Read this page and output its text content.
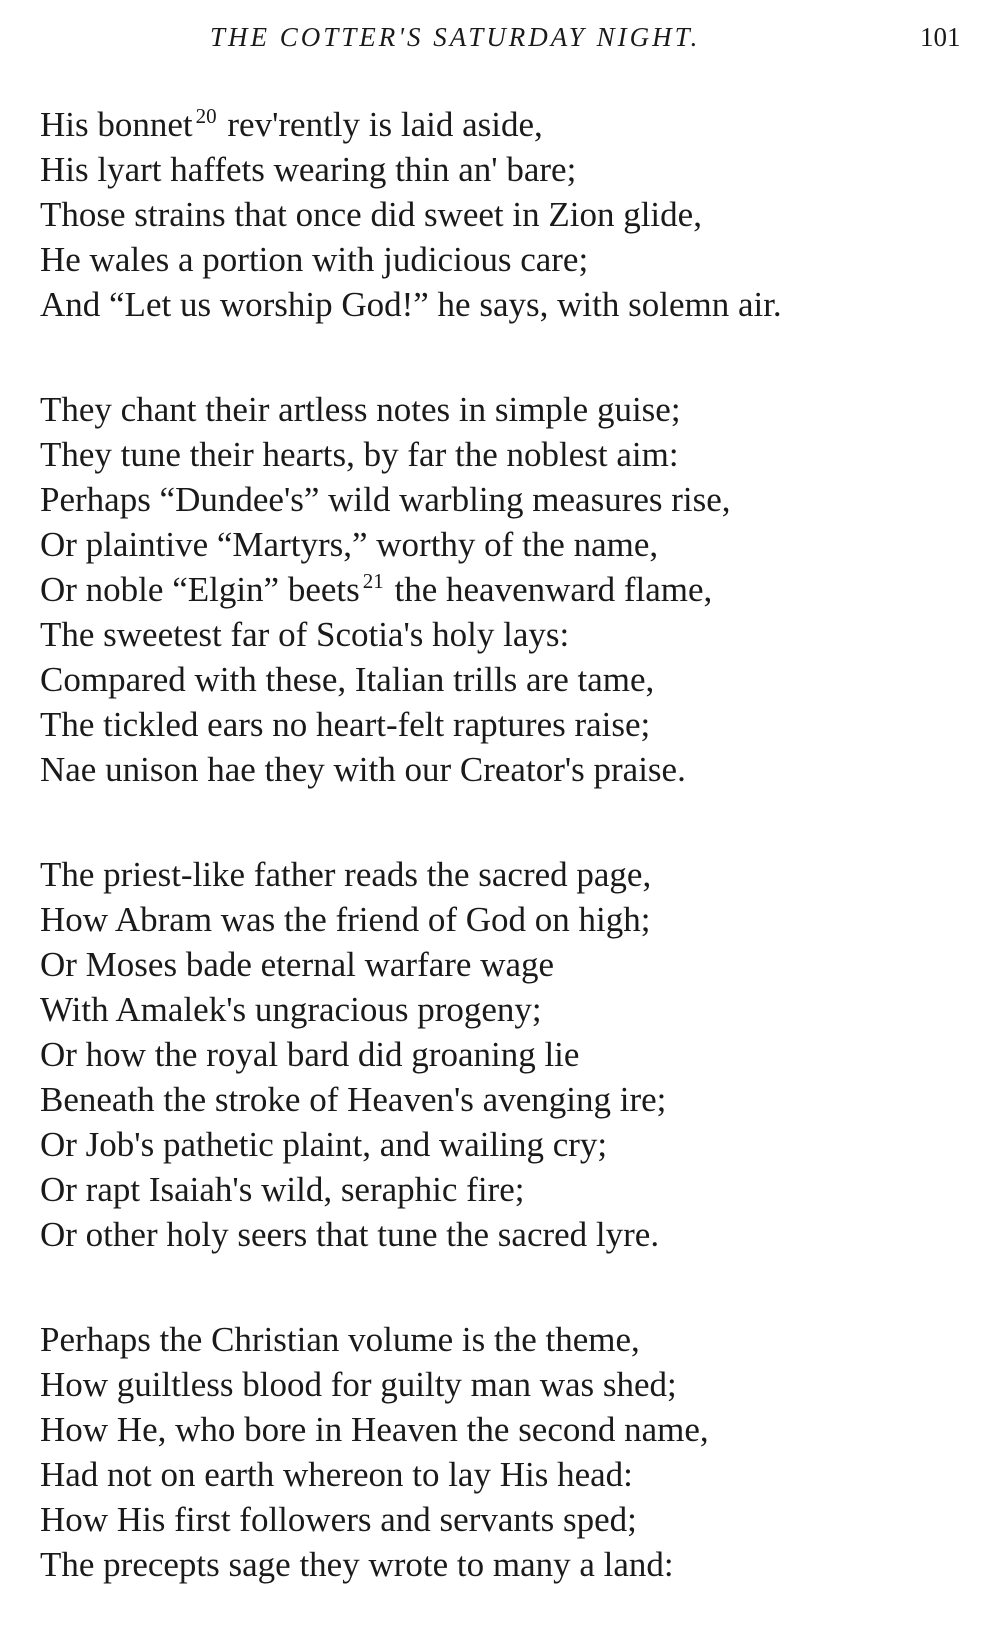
THE COTTER'S SATURDAY NIGHT.	101
His bonnet $^{20}$ rev'rently is laid aside,
His lyart haffets wearing thin an' bare;
Those strains that once did sweet in Zion glide,
He wales a portion with judicious care;
And “Let us worship God!” he says, with solemn air.
They chant their artless notes in simple guise;
They tune their hearts, by far the noblest aim:
Perhaps “Dundee's” wild warbling measures rise,
Or plaintive “Martyrs,” worthy of the name,
Or noble “Elgin” beets $^{21}$ the heavenward flame,
The sweetest far of Scotia's holy lays:
Compared with these, Italian trills are tame,
The tickled ears no heart-felt raptures raise;
Nae unison hae they with our Creator's praise.
The priest-like father reads the sacred page,
How Abram was the friend of God on high;
Or Moses bade eternal warfare wage
With Amalek's ungracious progeny;
Or how the royal bard did groaning lie
Beneath the stroke of Heaven's avenging ire;
Or Job's pathetic plaint, and wailing cry;
Or rapt Isaiah's wild, seraphic fire;
Or other holy seers that tune the sacred lyre.
Perhaps the Christian volume is the theme,
How guiltless blood for guilty man was shed;
How He, who bore in Heaven the second name,
Had not on earth whereon to lay His head:
How His first followers and servants sped;
The precepts sage they wrote to many a land:
